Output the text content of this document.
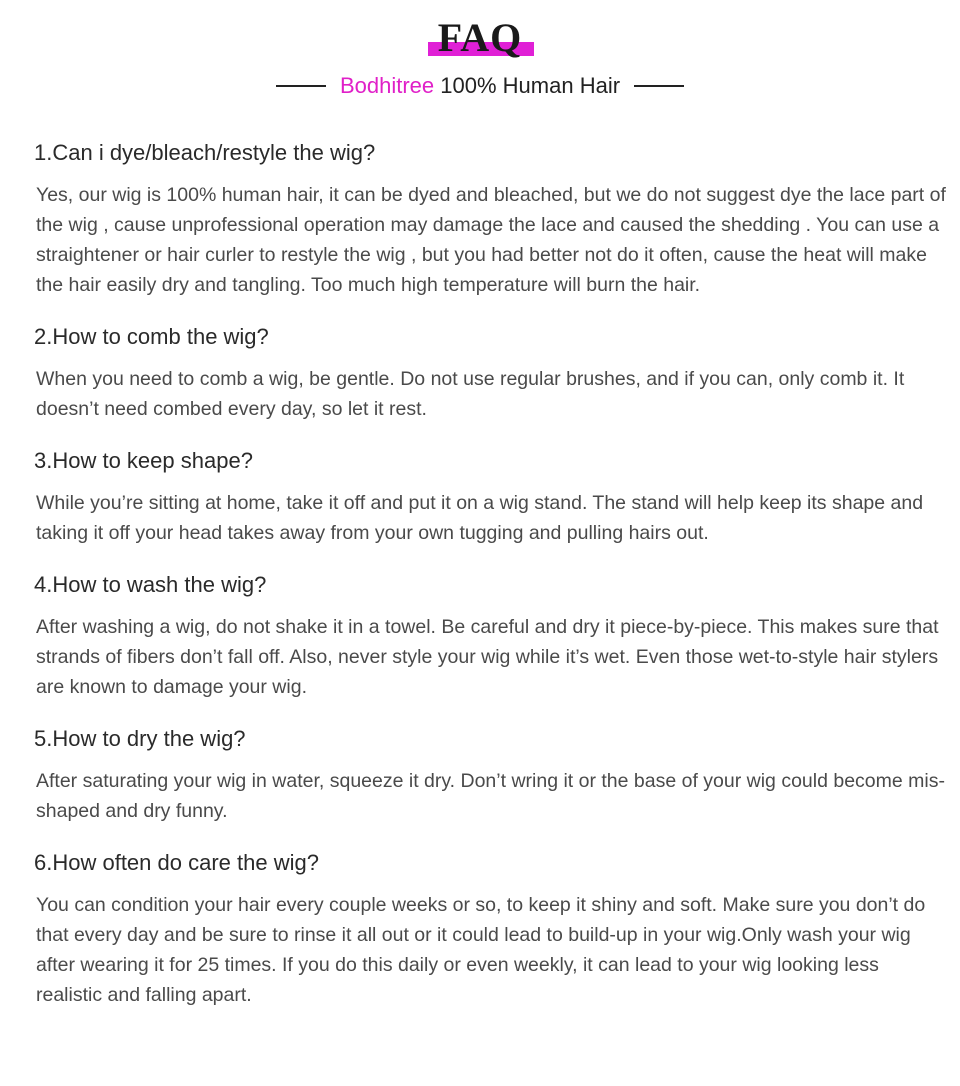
FAQ
Bodhitree 100% Human Hair
1.Can i dye/bleach/restyle the wig?
Yes, our wig is 100% human hair, it can be dyed and bleached, but we do not suggest dye the lace part of the wig , cause unprofessional operation may damage the lace and caused the shedding . You can use a straightener or hair curler to restyle the wig , but you had better not do it often, cause the heat will make the hair easily dry and tangling. Too much high temperature will burn the hair.
2.How to comb the wig?
When you need to comb a wig, be gentle. Do not use regular brushes, and if you can, only comb it. It doesn’t need combed every day, so let it rest.
3.How to keep shape?
While you’re sitting at home, take it off and put it on a wig stand. The stand will help keep its shape and taking it off your head takes away from your own tugging and pulling hairs out.
4.How to wash the wig?
After washing a wig, do not shake it in a towel. Be careful and dry it piece-by-piece. This makes sure that strands of fibers don’t fall off. Also, never style your wig while it’s wet. Even those wet-to-style hair stylers are known to damage your wig.
5.How to dry the wig?
After saturating your wig in water, squeeze it dry. Don’t wring it or the base of your wig could become mis-shaped and dry funny.
6.How often do care the wig?
You can condition your hair every couple weeks or so, to keep it shiny and soft. Make sure you don’t do that every day and be sure to rinse it all out or it could lead to build-up in your wig.Only wash your wig after wearing it for 25 times. If you do this daily or even weekly, it can lead to your wig looking less realistic and falling apart.
